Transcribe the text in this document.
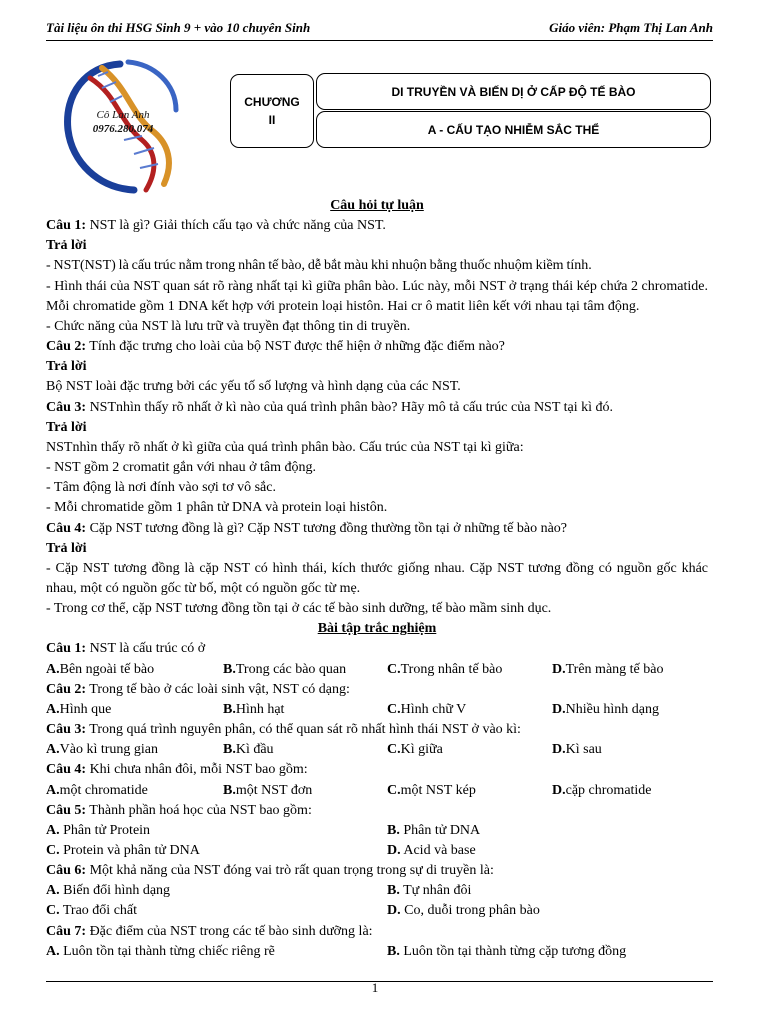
Tài liệu ôn thi HSG Sinh 9 + vào 10 chuyên Sinh	Giáo viên: Phạm Thị Lan Anh
Cô Lan Anh
0976.280.074
CHƯƠNG
II
DI TRUYỀN VÀ BIẾN DỊ Ở CẤP ĐỘ TẾ BÀO
A - CẤU TẠO NHIỄM SẮC THỂ

Câu hỏi tự luận

Câu 1: NST là gì? Giải thích cấu tạo và chức năng của NST.

Trả lời

- NST(NST) là cấu trúc nằm trong nhân tế bào, dễ bắt màu khi nhuộn bằng thuốc nhuộm kiềm tính.

- Hình thái của NST quan sát rõ ràng nhất tại kì giữa phân bào. Lúc này, mỗi NST ở trạng thái kép chứa 2 chromatide. Mỗi chromatide gồm 1 DNA kết hợp với protein loại histôn. Hai cr ô matit liên kết với nhau tại tâm động.

- Chức năng của NST là lưu trữ và truyền đạt thông tin di truyền.

Câu 2: Tính đặc trưng cho loài của bộ NST được thể hiện ở những đặc điểm nào?

Trả lời

Bộ NST loài đặc trưng bởi các yếu tố số lượng và hình dạng của các NST.

Câu 3: NSTnhìn thấy rõ nhất ở kì nào của quá trình phân bào? Hãy mô tả cấu trúc của NST tại kì đó.

Trả lời

NSTnhìn thấy rõ nhất ở kì giữa của quá trình phân bào. Cấu trúc của NST tại kì giữa:

- NST gồm 2 cromatit gắn với nhau ở tâm động.

- Tâm động là nơi đính vào sợi tơ vô sắc.

- Mỗi chromatide gồm 1 phân tử DNA và protein loại histôn.

Câu 4: Cặp NST tương đồng là gì? Cặp NST tương đồng thường tồn tại ở những tế bào nào?

Trả lời

- Cặp NST tương đồng là cặp NST có hình thái, kích thước giống nhau. Cặp NST tương đồng có nguồn gốc khác nhau, một có nguồn gốc từ bố, một có nguồn gốc từ mẹ.

- Trong cơ thể, cặp NST tương đồng tồn tại ở các tế bào sinh dưỡng, tế bào mầm sinh dục.

Bài tập trắc nghiệm

Câu 1: NST là cấu trúc có ở

A.Bên ngoài tế bào	B.Trong các bào quan	C.Trong nhân tế bào	D.Trên màng tế bào

Câu 2: Trong tế bào ở các loài sinh vật, NST có dạng:

A.Hình que	B.Hình hạt	C.Hình chữ V	D.Nhiều hình dạng

Câu 3: Trong quá trình nguyên phân, có thể quan sát rõ nhất hình thái NST ở vào kì:

A.Vào kì trung gian	B.Kì đầu	C.Kì giữa	D.Kì sau

Câu 4: Khi chưa nhân đôi, mỗi NST bao gồm:

A.một chromatide	B.một NST đơn	C.một NST kép	D.cặp chromatide

Câu 5: Thành phần hoá học của NST bao gồm:

A. Phân tử Protein	B. Phân tử DNA
C. Protein và phân tử DNA	D. Acid và base

Câu 6: Một khả năng của NST đóng vai trò rất quan trọng trong sự di truyền là:

A. Biến đổi hình dạng	B. Tự nhân đôi
C. Trao đổi chất	D. Co, duỗi trong phân bào

Câu 7: Đặc điểm của NST trong các tế bào sinh dưỡng là:

A. Luôn tồn tại thành từng chiếc riêng rẽ	B. Luôn tồn tại thành từng cặp tương đồng
1
